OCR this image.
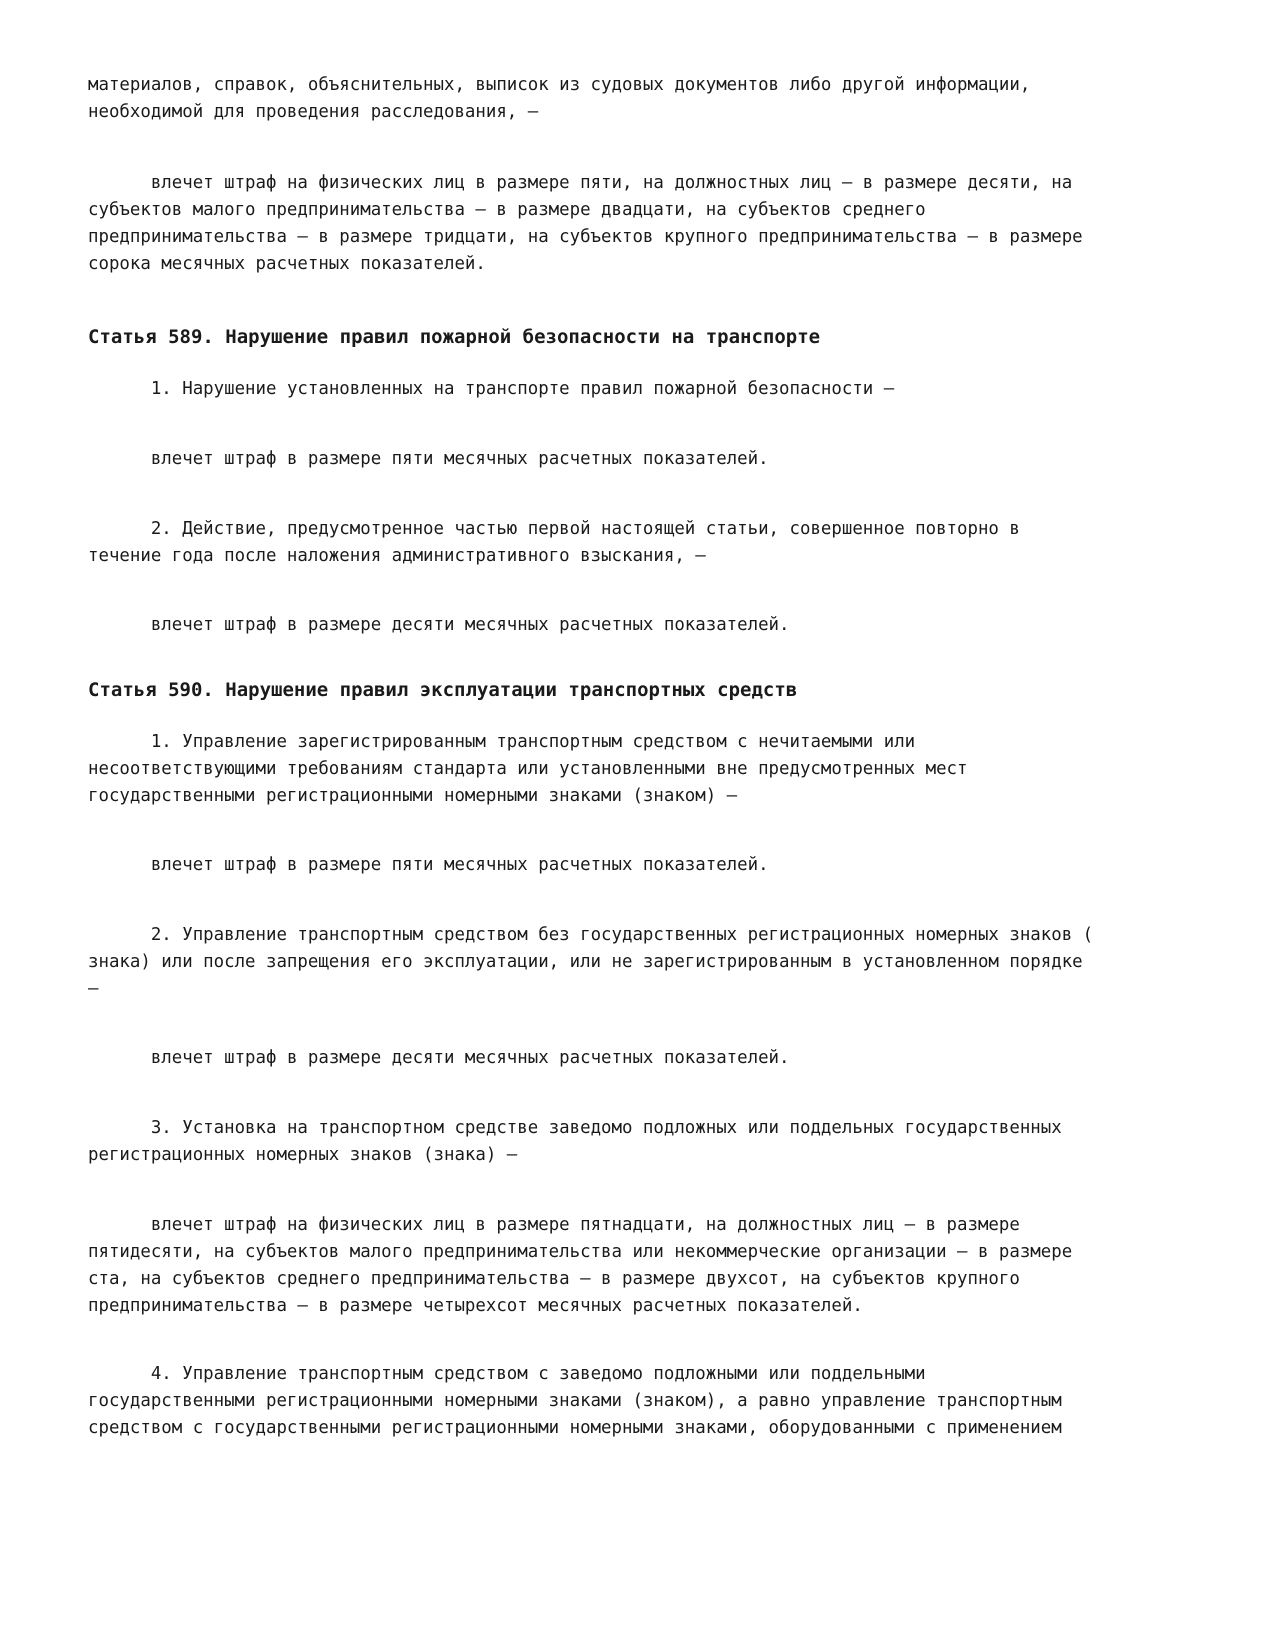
материалов, справок, объяснительных, выписок из судовых документов либо другой информации,
необходимой для проведения расследования, –

влечет штраф на физических лиц в размере пяти, на должностных лиц – в размере десяти, на
субъектов малого предпринимательства – в размере двадцати, на субъектов среднего
предпринимательства – в размере тридцати, на субъектов крупного предпринимательства – в размере
сорока месячных расчетных показателей.

Статья 589. Нарушение правил пожарной безопасности на транспорте

1. Нарушение установленных на транспорте правил пожарной безопасности –

влечет штраф в размере пяти месячных расчетных показателей.

2. Действие, предусмотренное частью первой настоящей статьи, совершенное повторно в
течение года после наложения административного взыскания, –

влечет штраф в размере десяти месячных расчетных показателей.

Статья 590. Нарушение правил эксплуатации транспортных средств

1. Управление зарегистрированным транспортным средством с нечитаемыми или
несоответствующими требованиям стандарта или установленными вне предусмотренных мест
государственными регистрационными номерными знаками (знаком) –

влечет штраф в размере пяти месячных расчетных показателей.

2. Управление транспортным средством без государственных регистрационных номерных знаков (
знака) или после запрещения его эксплуатации, или не зарегистрированным в установленном порядке
–

влечет штраф в размере десяти месячных расчетных показателей.

3. Установка на транспортном средстве заведомо подложных или поддельных государственных
регистрационных номерных знаков (знака) –

влечет штраф на физических лиц в размере пятнадцати, на должностных лиц – в размере
пятидесяти, на субъектов малого предпринимательства или некоммерческие организации – в размере
ста, на субъектов среднего предпринимательства – в размере двухсот, на субъектов крупного
предпринимательства – в размере четырехсот месячных расчетных показателей.

4. Управление транспортным средством с заведомо подложными или поддельными
государственными регистрационными номерными знаками (знаком), а равно управление транспортным
средством с государственными регистрационными номерными знаками, оборудованными с применением
